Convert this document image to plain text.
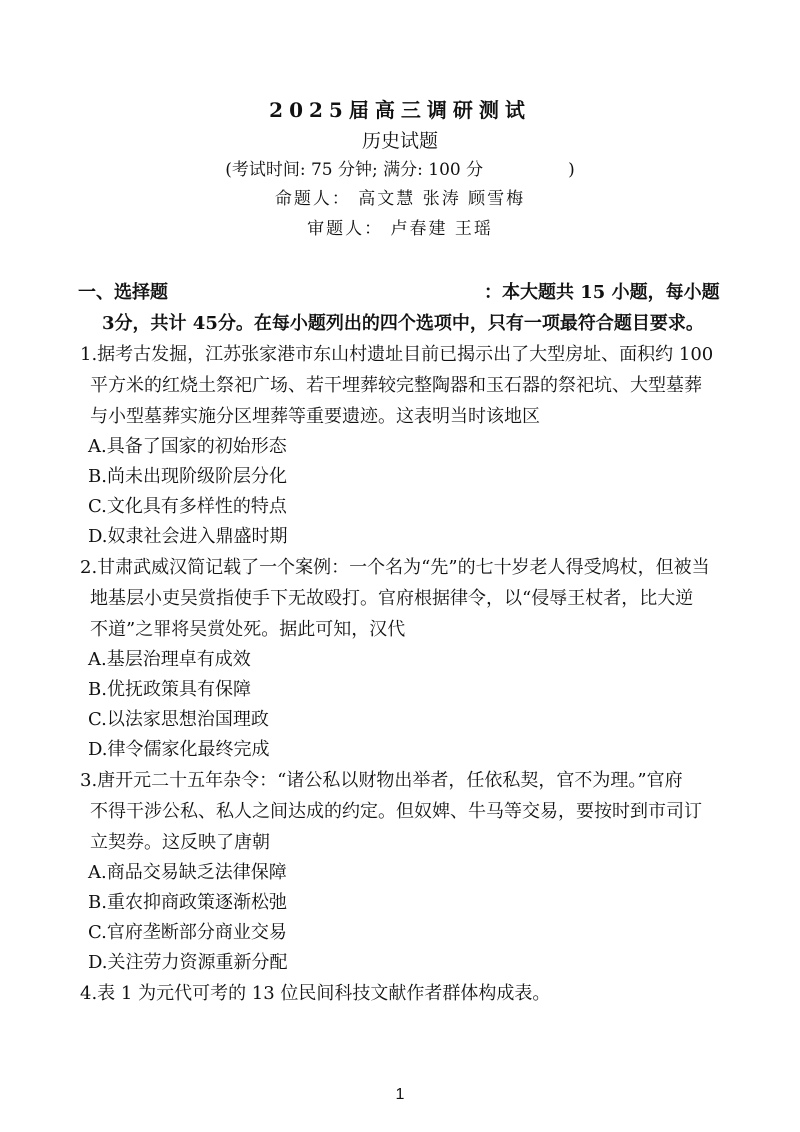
2025届高三调研测试
历史试题
(考试时间: 75 分钟; 满分: 100 分　　　　　)
命题人： 高文慧 张涛 顾雪梅
审题人： 卢春建 王瑶
一、选择题	：本大题共 15 小题，每小题
3分，共计 45分。在每小题列出的四个选项中，只有一项最符合题目要求。
1.据考古发掘，江苏张家港市东山村遗址目前已揭示出了大型房址、面积约 100
平方米的红烧土祭祀广场、若干埋葬较完整陶器和玉石器的祭祀坑、大型墓葬
与小型墓葬实施分区埋葬等重要遗迹。这表明当时该地区
A.具备了国家的初始形态
B.尚未出现阶级阶层分化
C.文化具有多样性的特点
D.奴隶社会进入鼎盛时期
2.甘肃武威汉简记载了一个案例：一个名为“先”的七十岁老人得受鸠杖，但被当
地基层小吏吴赏指使手下无故殴打。官府根据律令，以“侵辱王杖者，比大逆
不道”之罪将吴赏处死。据此可知，汉代
A.基层治理卓有成效
B.优抚政策具有保障
C.以法家思想治国理政
D.律令儒家化最终完成
3.唐开元二十五年杂令：“诸公私以财物出举者，任依私契，官不为理。”官府
不得干涉公私、私人之间达成的约定。但奴婢、牛马等交易，要按时到市司订
立契券。这反映了唐朝
A.商品交易缺乏法律保障
B.重农抑商政策逐渐松弛
C.官府垄断部分商业交易
D.关注劳力资源重新分配
4.表 1 为元代可考的 13 位民间科技文献作者群体构成表。
1
